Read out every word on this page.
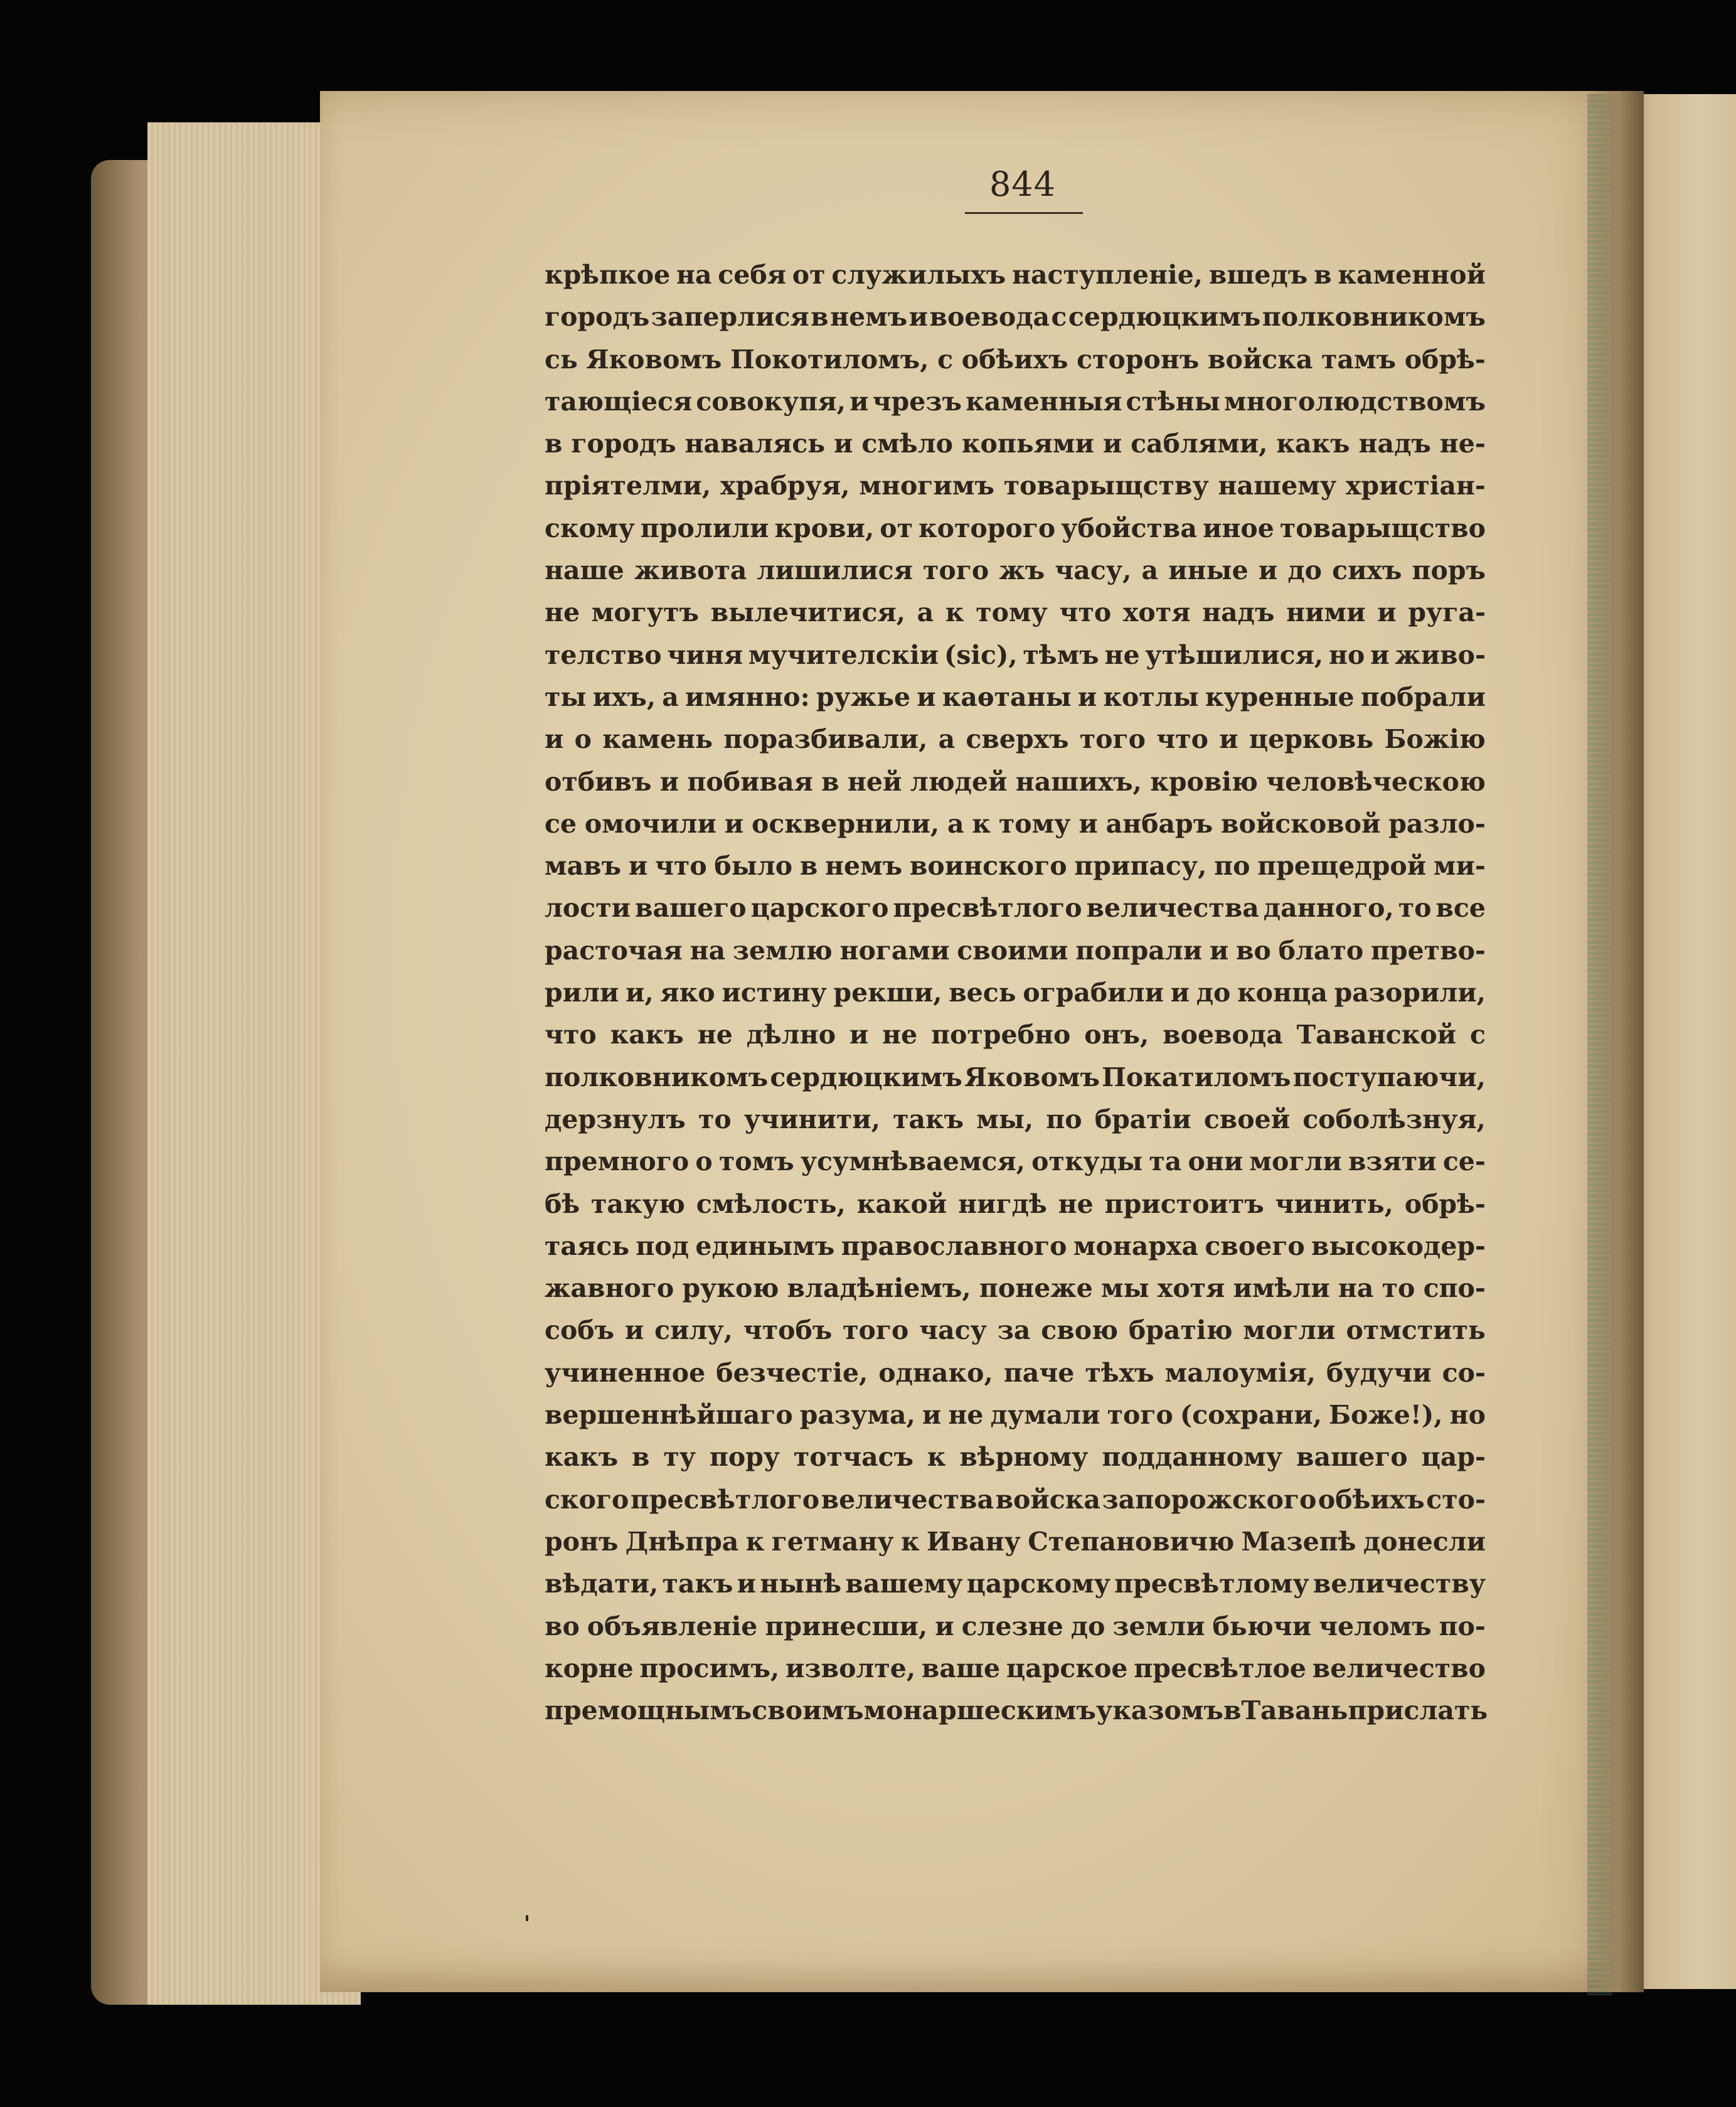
844
крѣпкое на себя от служилыхъ наступленіе, вшедъ в каменной
городъ заперлися в немъ и воевода с сердюцкимъ полковникомъ
сь Яковомъ Покотиломъ, с обѣихъ сторонъ войска тамъ обрѣ-
тающіеся совокупя, и чрезъ каменныя стѣны многолюдствомъ
в городъ навалясь и смѣло копьями и саблями, какъ надъ не-
пріятелми, храбруя, многимъ товарыщству нашему христіан-
скому пролили крови, от которого убойства иное товарыщство
наше живота лишилися того жъ часу, а иные и до сихъ поръ
не могутъ вылечитися, а к тому что хотя надъ ними и руга-
телство чиня мучителскіи (sic), тѣмъ не утѣшилися, но и живо-
ты ихъ, а имянно: ружье и каѳтаны и котлы куренные побрали
и о камень поразбивали, а сверхъ того что и церковь Божію
отбивъ и побивая в ней людей нашихъ, кровію человѣческою
се омочили и осквернили, а к тому и анбаръ войсковой разло-
мавъ и что было в немъ воинского припасу, по прещедрой ми-
лости вашего царского пресвѣтлого величества данного, то все
расточая на землю ногами своими попрали и во блато претво-
рили и, яко истину рекши, весь ограбили и до конца разорили,
что какъ не дѣлно и не потребно онъ, воевода Таванской с
полковникомъ сердюцкимъ Яковомъ Покатиломъ поступаючи,
дерзнулъ то учинити, такъ мы, по братіи своей соболѣзнуя,
премного о томъ усумнѣваемся, откуды та они могли взяти се-
бѣ такую смѣлость, какой нигдѣ не пристоитъ чинить, обрѣ-
таясь под единымъ православного монарха своего высокодер-
жавного рукою владѣніемъ, понеже мы хотя имѣли на то спо-
собъ и силу, чтобъ того часу за свою братію могли отмстить
учиненное безчестіе, однако, паче тѣхъ малоумія, будучи со-
вершеннѣйшаго разума, и не думали того (сохрани, Боже!), но
какъ в ту пору тотчасъ к вѣрному подданному вашего цар-
ского пресвѣтлого величества войска запорожского обѣихъ сто-
ронъ Днѣпра к гетману к Ивану Степановичю Мазепѣ донесли
вѣдати, такъ и нынѣ вашему царскому пресвѣтлому величеству
во объявленіе принесши, и слезне до земли бьючи челомъ по-
корне просимъ, изволте, ваше царское пресвѣтлое величество
премощнымъ своимъ монаршескимъ указомъ в Тавань прислать
